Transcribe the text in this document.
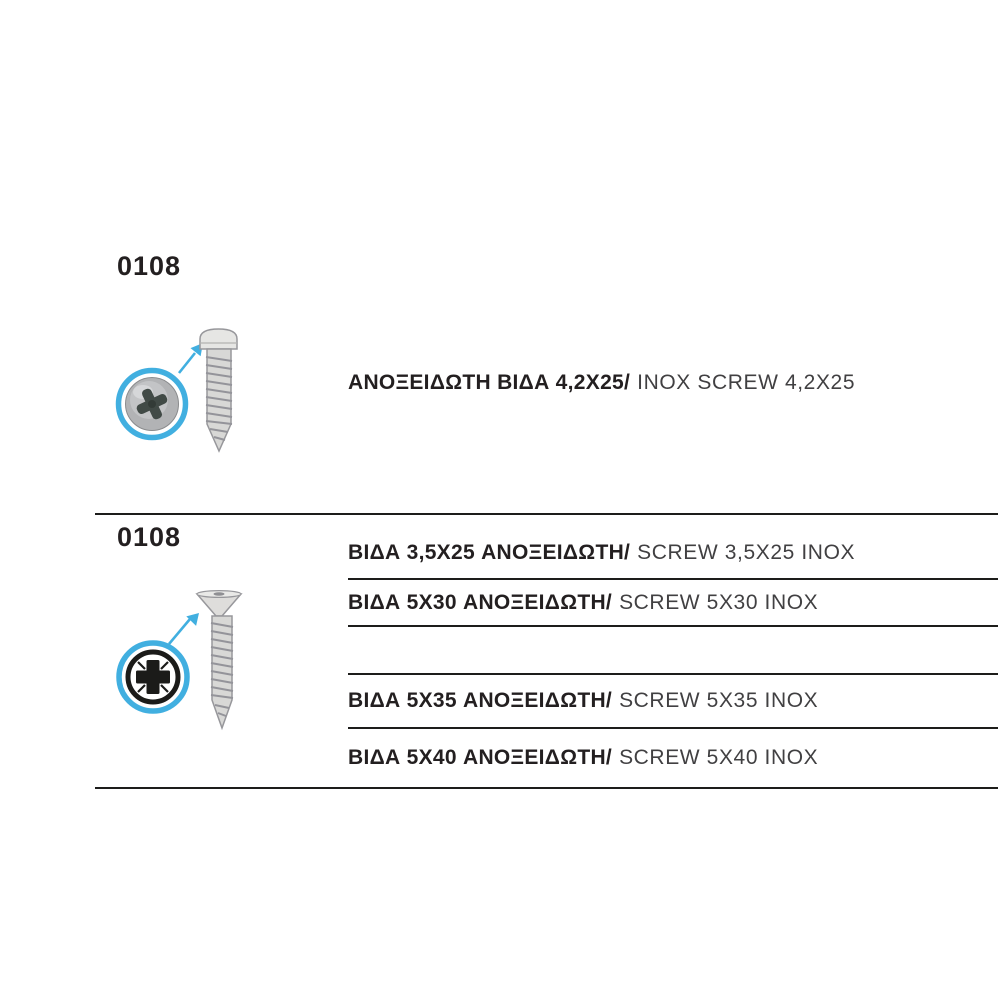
0108
ΑΝΟΞΕΙΔΩΤΗ ΒΙΔΑ 4,2X25/ INOX SCREW 4,2X25
0108	ΒΙΔΑ 3,5X25 ΑΝΟΞΕΙΔΩΤΗ/ SCREW 3,5X25 INOX
ΒΙΔΑ 5X30 ΑΝΟΞΕΙΔΩΤΗ/ SCREW 5X30 INOX
ΒΙΔΑ 5X35 ΑΝΟΞΕΙΔΩΤΗ/ SCREW 5X35 INOX
ΒΙΔΑ 5X40 ΑΝΟΞΕΙΔΩΤΗ/ SCREW 5X40 INOX
